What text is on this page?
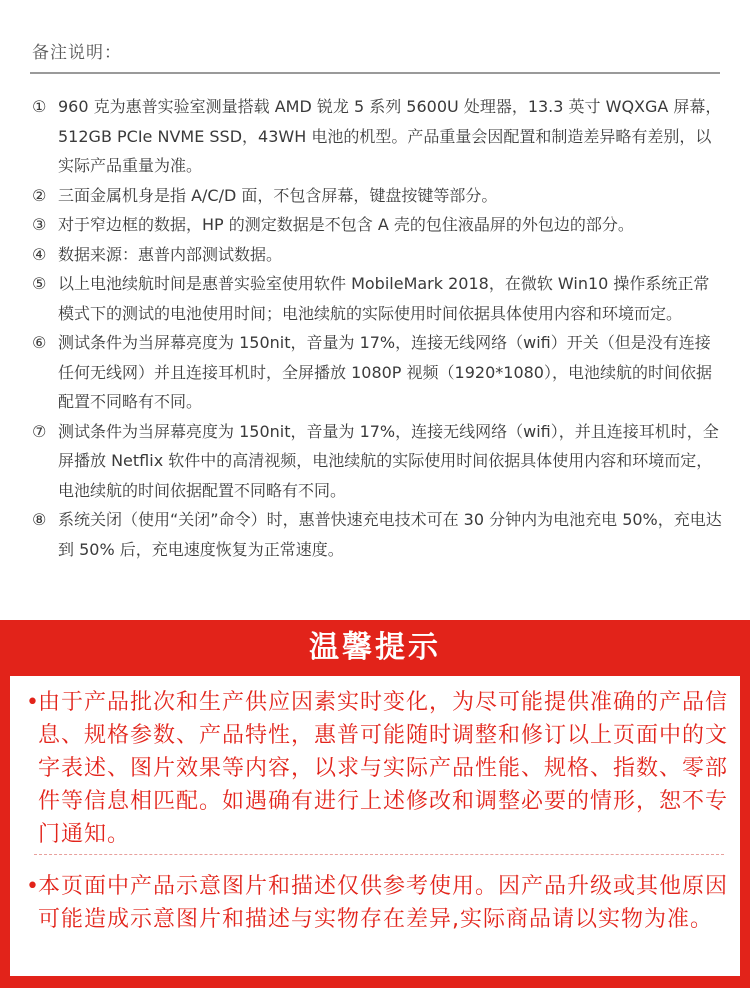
备注说明：
① 960 克为惠普实验室测量搭载 AMD 锐龙 5 系列 5600U 处理器，13.3 英寸 WQXGA 屏幕，512GB PCIe NVME SSD，43WH 电池的机型。产品重量会因配置和制造差异略有差别，以实际产品重量为准。
② 三面金属机身是指 A/C/D 面，不包含屏幕，键盘按键等部分。
③ 对于窄边框的数据，HP 的测定数据是不包含 A 壳的包住液晶屏的外包边的部分。
④ 数据来源：惠普内部测试数据。
⑤ 以上电池续航时间是惠普实验室使用软件 MobileMark 2018，在微软 Win10 操作系统正常模式下的测试的电池使用时间；电池续航的实际使用时间依据具体使用内容和环境而定。
⑥ 测试条件为当屏幕亮度为 150nit，音量为 17%，连接无线网络（wifi）开关（但是没有连接任何无线网）并且连接耳机时，全屏播放 1080P 视频（1920*1080），电池续航的时间依据配置不同略有不同。
⑦ 测试条件为当屏幕亮度为 150nit，音量为 17%，连接无线网络（wifi），并且连接耳机时，全屏播放 Netflix 软件中的高清视频，电池续航的实际使用时间依据具体使用内容和环境而定，电池续航的时间依据配置不同略有不同。
⑧ 系统关闭（使用“关闭”命令）时，惠普快速充电技术可在 30 分钟内为电池充电 50%，充电达到 50% 后，充电速度恢复为正常速度。
温馨提示
•
由于产品批次和生产供应因素实时变化，为尽可能提供准确的产品信息、规格参数、产品特性，惠普可能随时调整和修订以上页面中的文字表述、图片效果等内容，以求与实际产品性能、规格、指数、零部件等信息相匹配。如遇确有进行上述修改和调整必要的情形，恕不专门通知。
•
本页面中产品示意图片和描述仅供参考使用。因产品升级或其他原因可能造成示意图片和描述与实物存在差异,实际商品请以实物为准。
